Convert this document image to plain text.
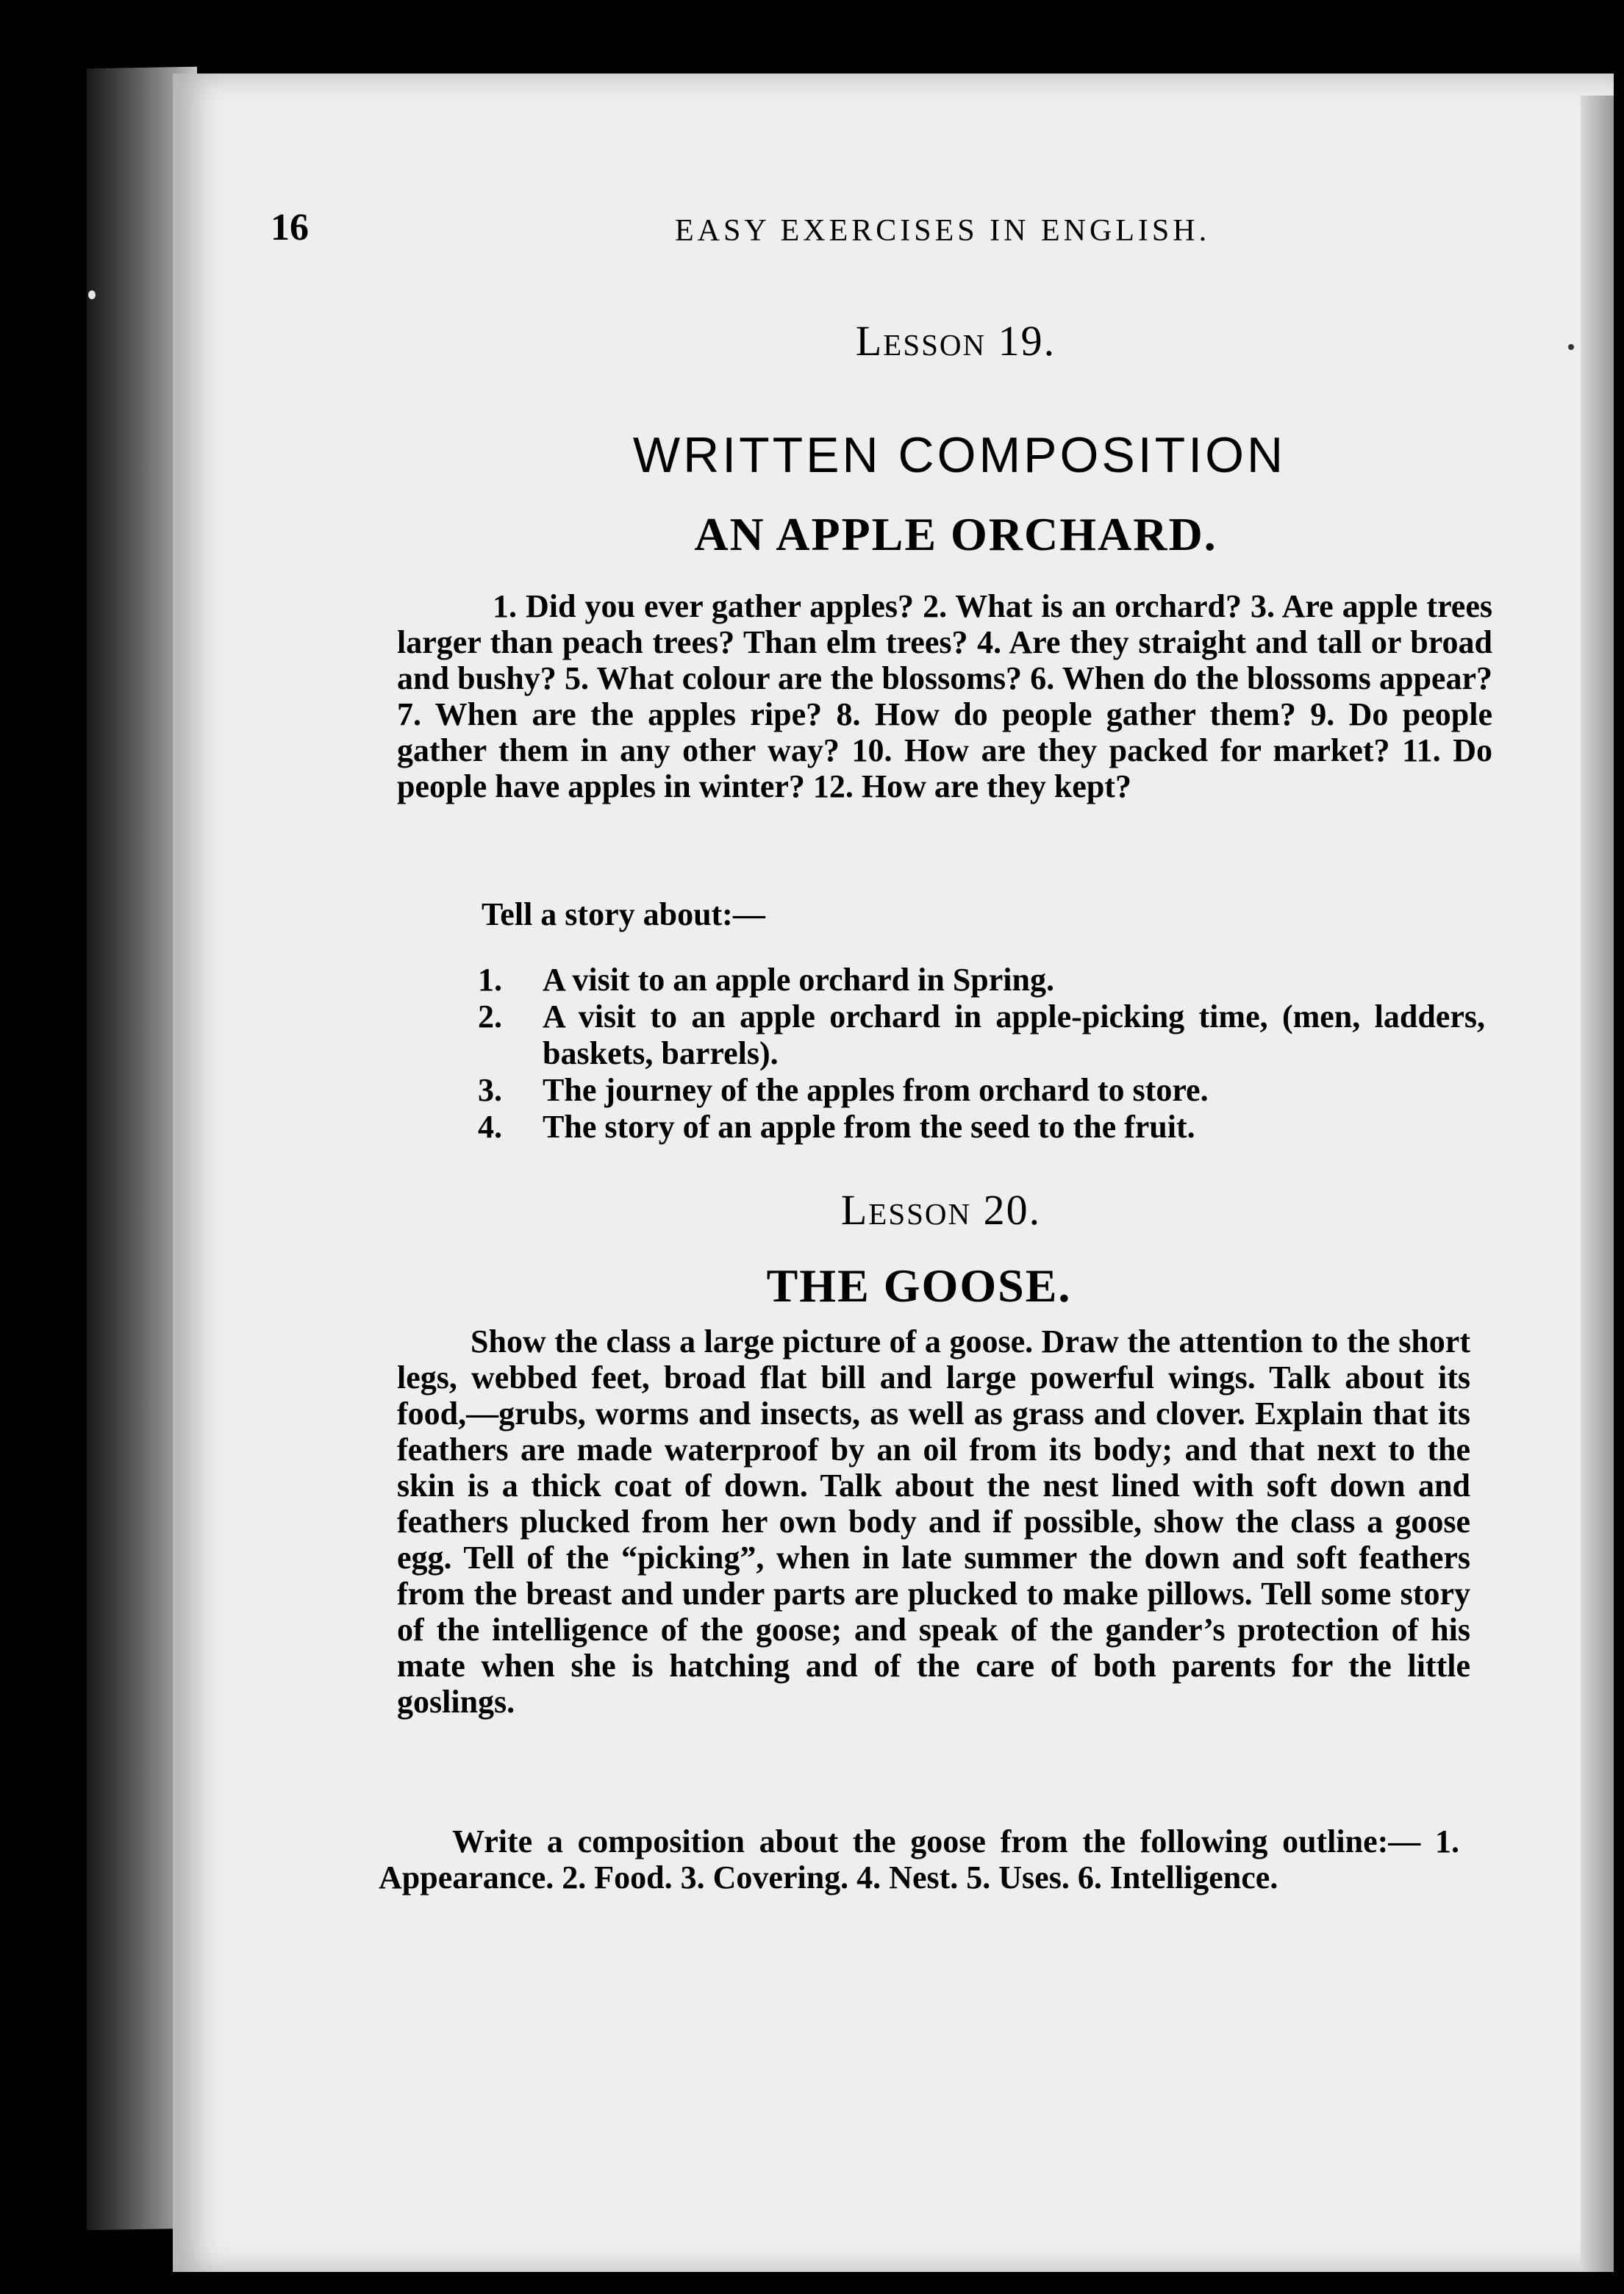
16	EASY EXERCISES IN ENGLISH.
Lesson 19.
WRITTEN COMPOSITION
AN APPLE ORCHARD.

1. Did you ever gather apples? 2. What is an orchard? 3. Are apple trees larger than peach trees? Than elm trees? 4. Are they straight and tall or broad and bushy? 5. What colour are the blossoms? 6. When do the blossoms appear? 7. When are the apples ripe? 8. How do people gather them? 9. Do people gather them in any other way? 10. How are they packed for market? 11. Do people have apples in winter? 12. How are they kept?

Tell a story about:—
1.	A visit to an apple orchard in Spring.
2.	A visit to an apple orchard in apple-picking time, (men, ladders, baskets, barrels).
3.	The journey of the apples from orchard to store.
4.	The story of an apple from the seed to the fruit.
Lesson 20.
THE GOOSE.

Show the class a large picture of a goose. Draw the attention to the short legs, webbed feet, broad flat bill and large powerful wings. Talk about its food,—grubs, worms and insects, as well as grass and clover. Explain that its feathers are made waterproof by an oil from its body; and that next to the skin is a thick coat of down. Talk about the nest lined with soft down and feathers plucked from her own body and if possible, show the class a goose egg. Tell of the “picking”, when in late summer the down and soft feathers from the breast and under parts are plucked to make pillows. Tell some story of the intelligence of the goose; and speak of the gander’s protection of his mate when she is hatching and of the care of both parents for the little goslings.

Write a composition about the goose from the following outline:— 1. Appearance. 2. Food. 3. Covering. 4. Nest. 5. Uses. 6. Intelligence.
